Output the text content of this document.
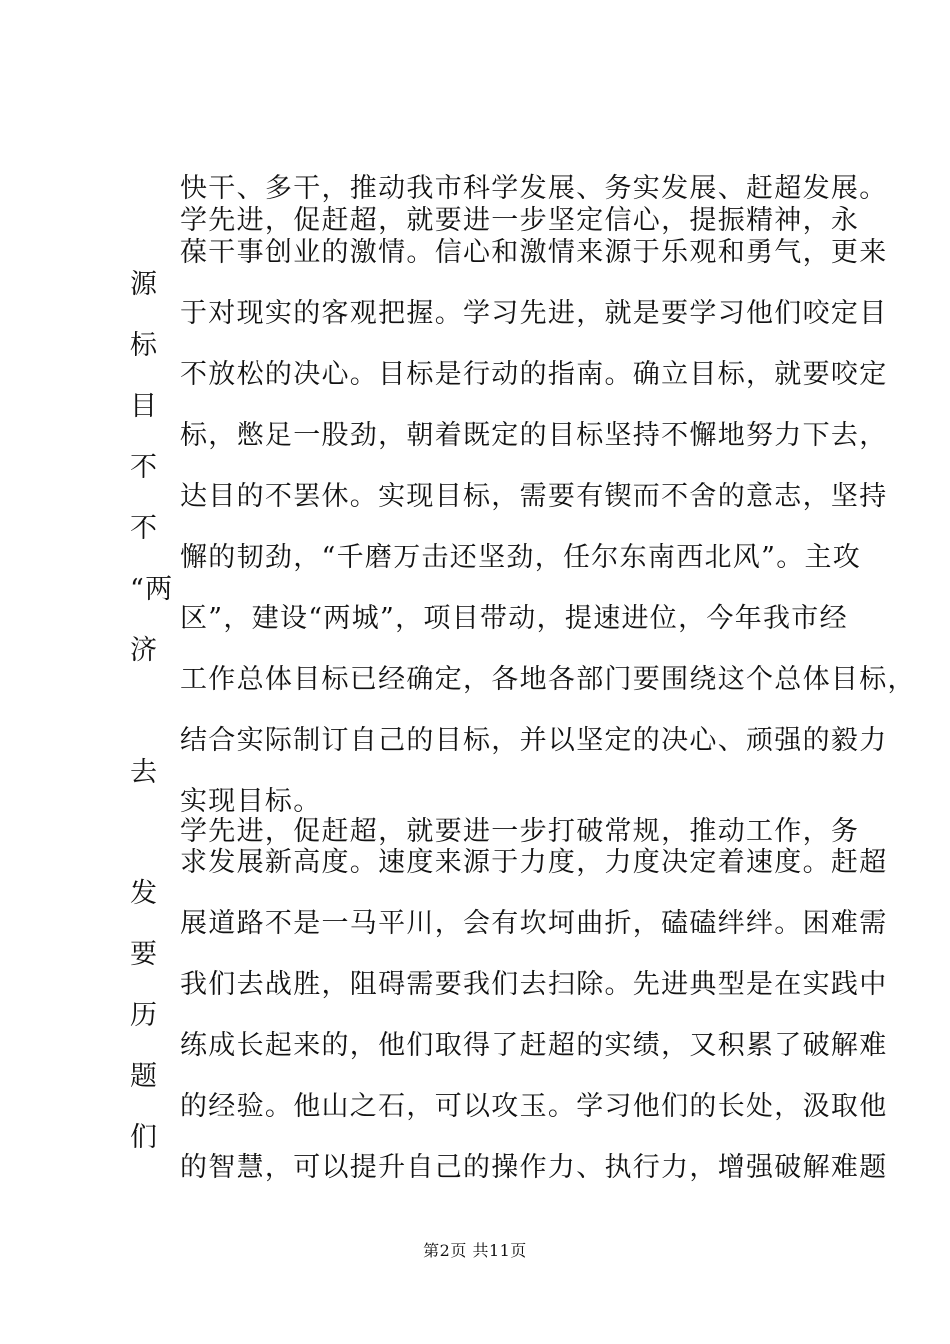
快干、多干，推动我市科学发展、务实发展、赶超发展。
学先进，促赶超，就要进一步坚定信心，提振精神，永
葆干事创业的激情。信心和激情来源于乐观和勇气，更来
源
于对现实的客观把握。学习先进，就是要学习他们咬定目
标
不放松的决心。目标是行动的指南。确立目标，就要咬定
目
标，憋足一股劲，朝着既定的目标坚持不懈地努力下去，
不
达目的不罢休。实现目标，需要有锲而不舍的意志，坚持
不
懈的韧劲，“千磨万击还坚劲，任尔东南西北风”。主攻
“两
区”，建设“两城”，项目带动，提速进位，今年我市经
济
工作总体目标已经确定，各地各部门要围绕这个总体目标，
结合实际制订自己的目标，并以坚定的决心、顽强的毅力
去
实现目标。
学先进，促赶超，就要进一步打破常规，推动工作，务
求发展新高度。速度来源于力度，力度决定着速度。赶超
发
展道路不是一马平川，会有坎坷曲折，磕磕绊绊。困难需
要
我们去战胜，阻碍需要我们去扫除。先进典型是在实践中
历
练成长起来的，他们取得了赶超的实绩，又积累了破解难
题
的经验。他山之石，可以攻玉。学习他们的长处，汲取他
们
的智慧，可以提升自己的操作力、执行力，增强破解难题
第2页 共11页
